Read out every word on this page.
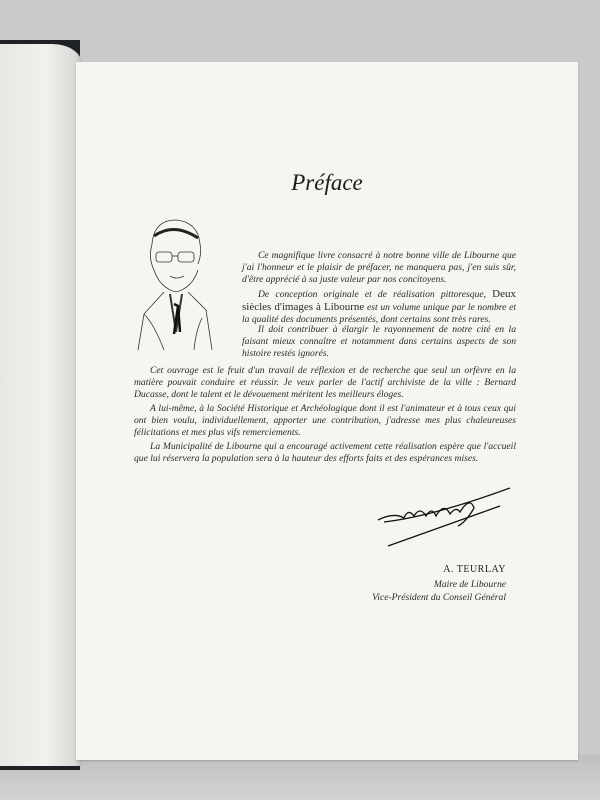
Préface
Ce magnifique livre consacré à notre bonne ville de Libourne que j'ai l'honneur et le plaisir de préfacer, ne manquera pas, j'en suis sûr, d'être apprécié à sa juste valeur par nos concitoyens.
De conception originale et de réalisation pittoresque, Deux siècles d'images à Libourne est un volume unique par le nombre et la qualité des documents présentés, dont certains sont très rares.
Il doit contribuer à élargir le rayonnement de notre cité en la faisant mieux connaître et notamment dans certains aspects de son histoire restés ignorés.
Cet ouvrage est le fruit d'un travail de réflexion et de recherche que seul un orfèvre en la matière pouvait conduire et réussir. Je veux parler de l'actif archiviste de la ville : Bernard Ducasse, dont le talent et le dévouement méritent les meilleurs éloges.
A lui-même, à la Société Historique et Archéologique dont il est l'animateur et à tous ceux qui ont bien voulu, individuellement, apporter une contribution, j'adresse mes plus chaleureuses félicitations et mes plus vifs remerciements.
La Municipalité de Libourne qui a encouragé activement cette réalisation espère que l'accueil que lui réservera la population sera à la hauteur des efforts faits et des espérances mises.
A. TEURLAY
Maire de Libourne
Vice-Président du Conseil Général
